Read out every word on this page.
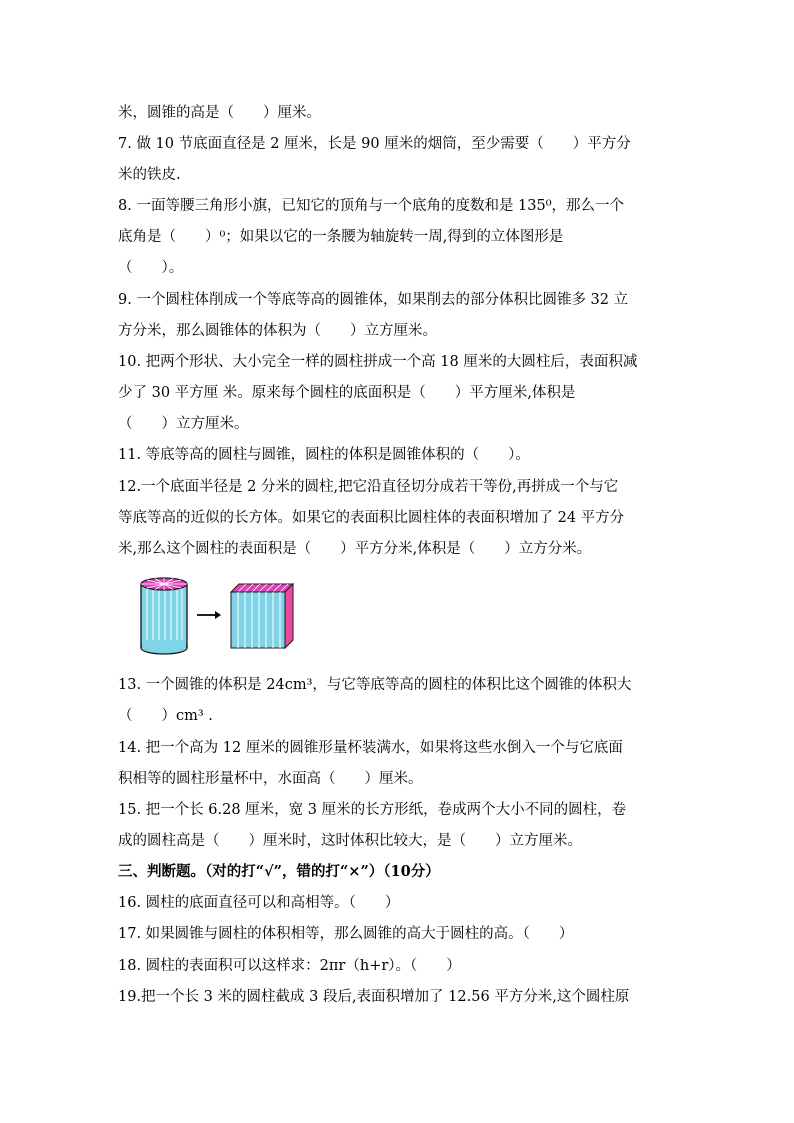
米，圆锥的高是（　　）厘米。
7. 做 10 节底面直径是 2 厘米，长是 90 厘米的烟筒，至少需要（　　）平方分
米的铁皮.
8. 一面等腰三角形小旗，已知它的顶角与一个底角的度数和是 135⁰，那么一个
底角是（　　）⁰；如果以它的一条腰为轴旋转一周,得到的立体图形是
（　　）。
9. 一个圆柱体削成一个等底等高的圆锥体，如果削去的部分体积比圆锥多 32 立
方分米，那么圆锥体的体积为（　　）立方厘米。
10. 把两个形状、大小完全一样的圆柱拼成一个高 18 厘米的大圆柱后，表面积减
少了 30 平方厘 米。原来每个圆柱的底面积是（　　）平方厘米,体积是
（　　）立方厘米。
11. 等底等高的圆柱与圆锥，圆柱的体积是圆锥体积的（　　）。
12.一个底面半径是 2 分米的圆柱,把它沿直径切分成若干等份,再拼成一个与它
等底等高的近似的长方体。如果它的表面积比圆柱体的表面积增加了 24 平方分
米,那么这个圆柱的表面积是（　　）平方分米,体积是（　　）立方分米。
13. 一个圆锥的体积是 24cm³，与它等底等高的圆柱的体积比这个圆锥的体积大
（　　）cm³ .
14. 把一个高为 12 厘米的圆锥形量杯装满水，如果将这些水倒入一个与它底面
积相等的圆柱形量杯中，水面高（　　）厘米。
15. 把一个长 6.28 厘米，宽 3 厘米的长方形纸，卷成两个大小不同的圆柱，卷
成的圆柱高是（　　）厘米时，这时体积比较大，是（　　）立方厘米。
三、判断题。（对的打“√”，错的打“×”）（10分）
16. 圆柱的底面直径可以和高相等。（　　）
17. 如果圆锥与圆柱的体积相等，那么圆锥的高大于圆柱的高。（　　）
18. 圆柱的表面积可以这样求：2πr（h+r）。（　　）
19.把一个长 3 米的圆柱截成 3 段后,表面积增加了 12.56 平方分米,这个圆柱原
